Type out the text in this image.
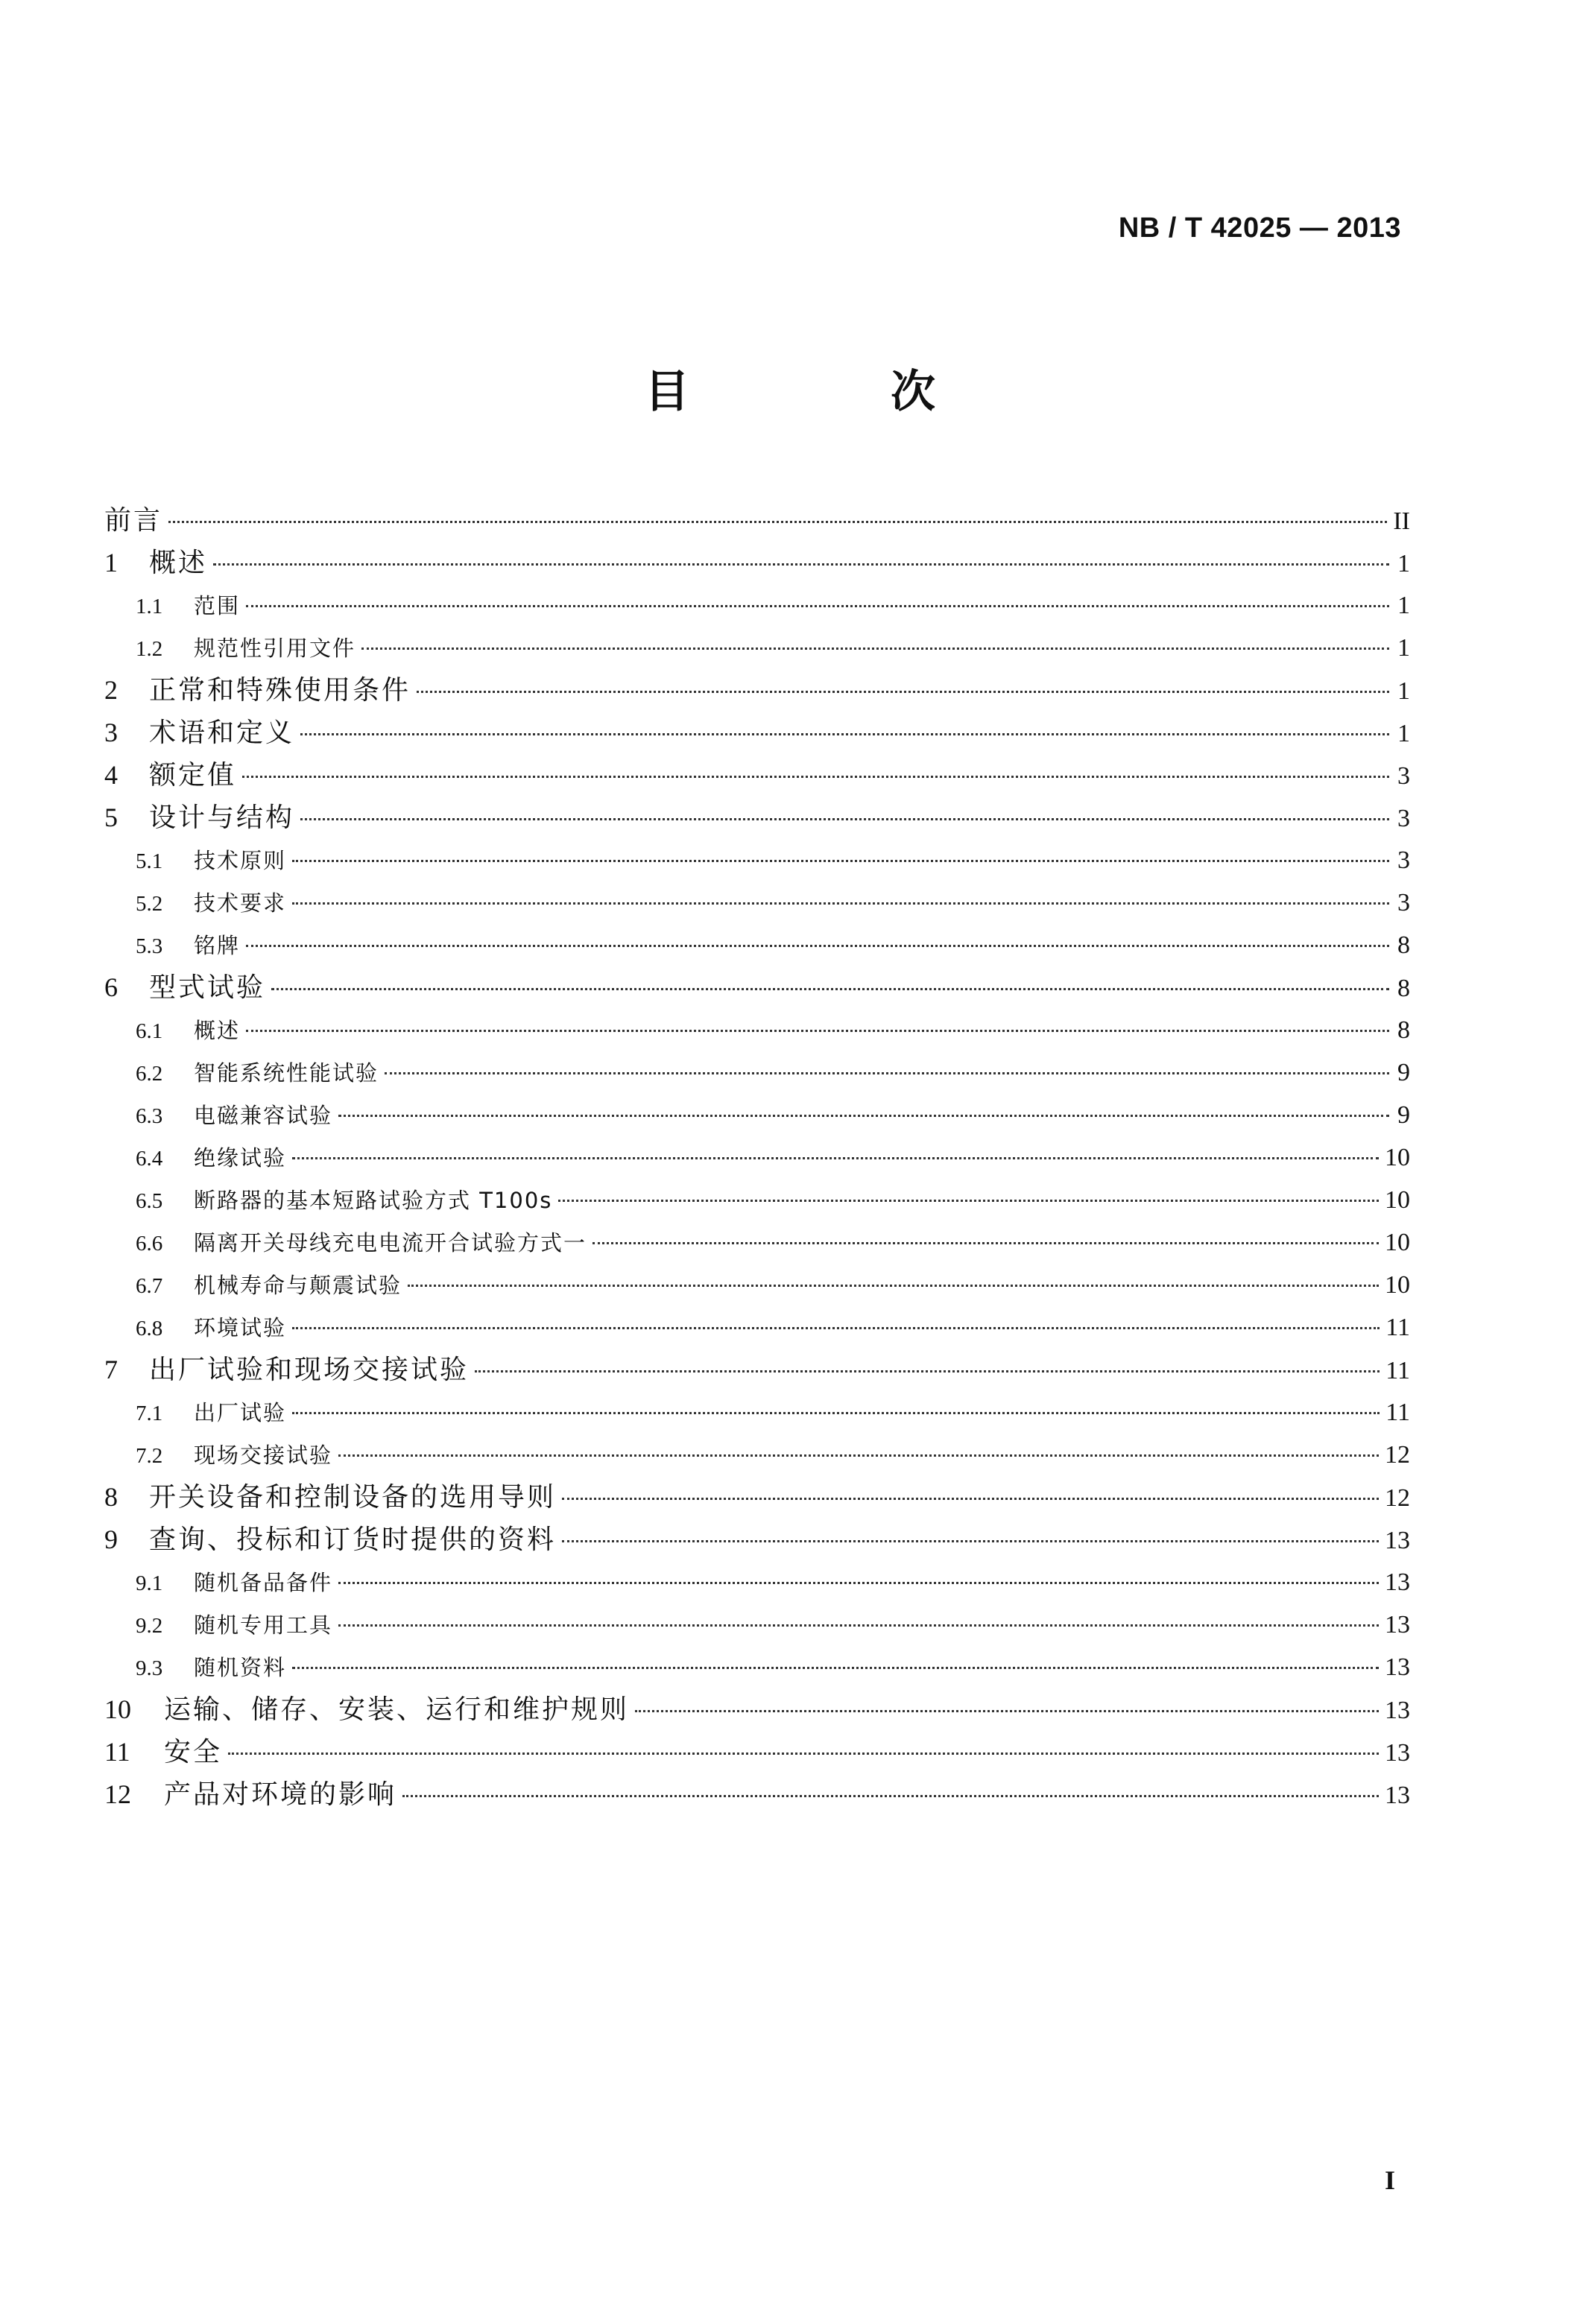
NB / T 42025 — 2013
目　次
前言	II
1	概述	1
1.1	范围	1
1.2	规范性引用文件	1
2	正常和特殊使用条件	1
3	术语和定义	1
4	额定值	3
5	设计与结构	3
5.1	技术原则	3
5.2	技术要求	3
5.3	铭牌	8
6	型式试验	8
6.1	概述	8
6.2	智能系统性能试验	9
6.3	电磁兼容试验	9
6.4	绝缘试验	10
6.5	断路器的基本短路试验方式 T100s	10
6.6	隔离开关母线充电电流开合试验方式一	10
6.7	机械寿命与颠震试验	10
6.8	环境试验	11
7	出厂试验和现场交接试验	11
7.1	出厂试验	11
7.2	现场交接试验	12
8	开关设备和控制设备的选用导则	12
9	查询、投标和订货时提供的资料	13
9.1	随机备品备件	13
9.2	随机专用工具	13
9.3	随机资料	13
10	运输、储存、安装、运行和维护规则	13
11	安全	13
12	产品对环境的影响	13
I
